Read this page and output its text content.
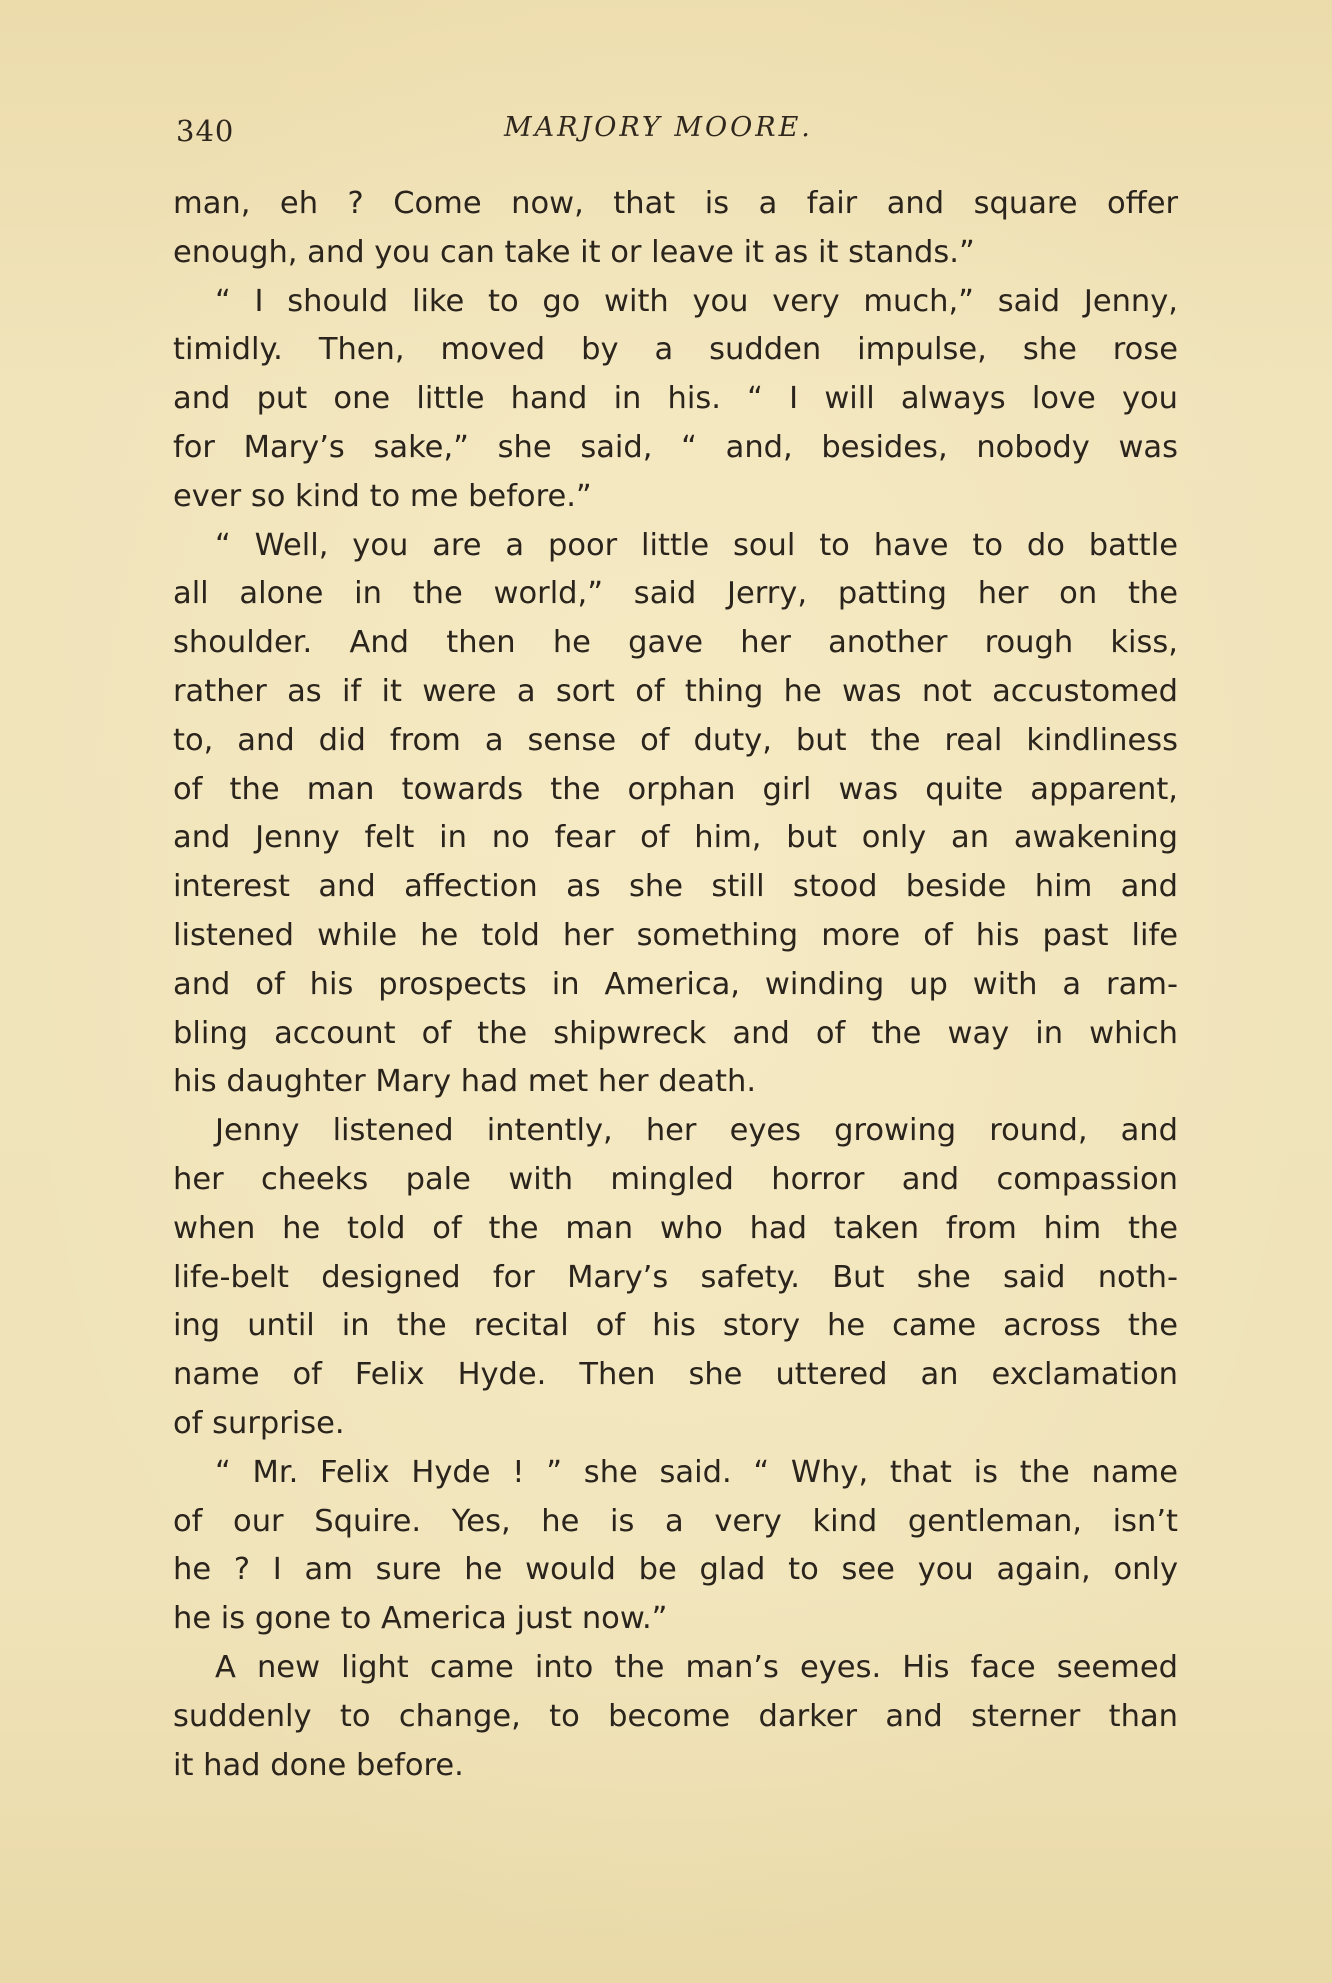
340	MARJORY MOORE.
man, eh ? Come now, that is a fair and square offer
enough, and you can take it or leave it as it stands.”
“ I should like to go with you very much,” said Jenny,
timidly. Then, moved by a sudden impulse, she rose
and put one little hand in his. “ I will always love you
for Mary’s sake,” she said, “ and, besides, nobody was
ever so kind to me before.”
“ Well, you are a poor little soul to have to do battle
all alone in the world,” said Jerry, patting her on the
shoulder. And then he gave her another rough kiss,
rather as if it were a sort of thing he was not accustomed
to, and did from a sense of duty, but the real kindliness
of the man towards the orphan girl was quite apparent,
and Jenny felt in no fear of him, but only an awakening
interest and affection as she still stood beside him and
listened while he told her something more of his past life
and of his prospects in America, winding up with a ram-
bling account of the shipwreck and of the way in which
his daughter Mary had met her death.
Jenny listened intently, her eyes growing round, and
her cheeks pale with mingled horror and compassion
when he told of the man who had taken from him the
life-belt designed for Mary’s safety. But she said noth-
ing until in the recital of his story he came across the
name of Felix Hyde. Then she uttered an exclamation
of surprise.
“ Mr. Felix Hyde ! ” she said. “ Why, that is the name
of our Squire. Yes, he is a very kind gentleman, isn’t
he ? I am sure he would be glad to see you again, only
he is gone to America just now.”
A new light came into the man’s eyes. His face seemed
suddenly to change, to become darker and sterner than
it had done before.
